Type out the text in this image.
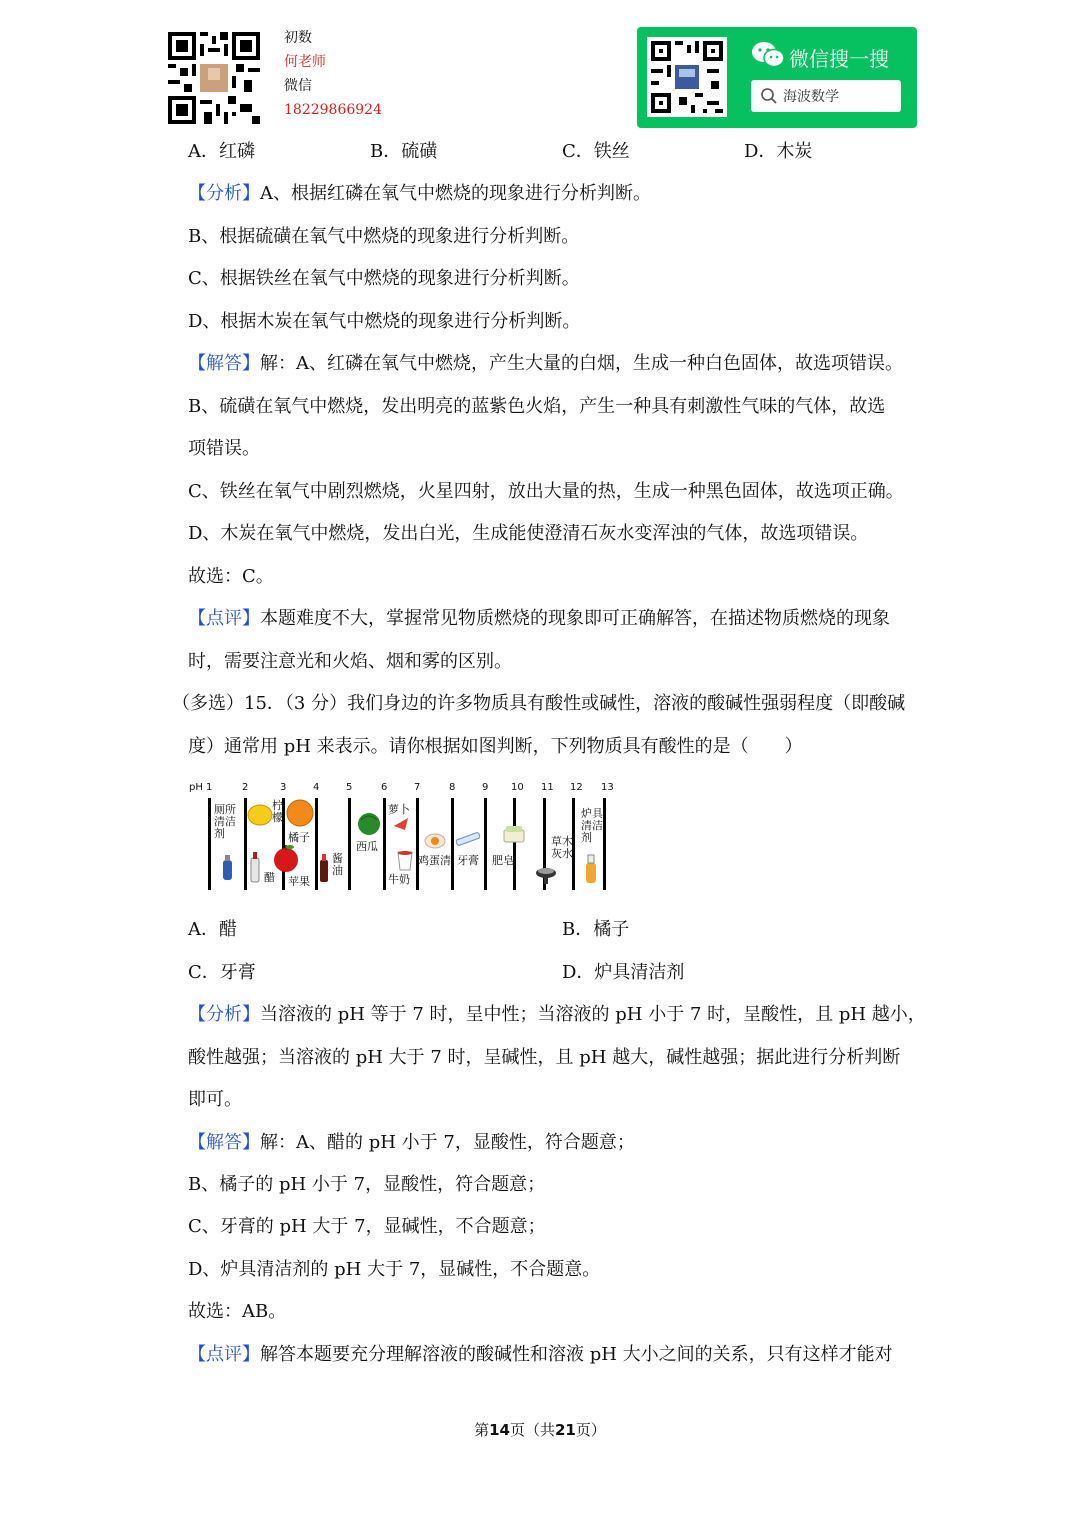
初数
何老师
微信
18229866924
微信搜一搜
海波数学
A．红磷	B．硫磺	C．铁丝	D．木炭
【分析】A、根据红磷在氧气中燃烧的现象进行分析判断。
B、根据硫磺在氧气中燃烧的现象进行分析判断。
C、根据铁丝在氧气中燃烧的现象进行分析判断。
D、根据木炭在氧气中燃烧的现象进行分析判断。
【解答】解：A、红磷在氧气中燃烧，产生大量的白烟，生成一种白色固体，故选项错误。
B、硫磺在氧气中燃烧，发出明亮的蓝紫色火焰，产生一种具有刺激性气味的气体，故选
项错误。
C、铁丝在氧气中剧烈燃烧，火星四射，放出大量的热，生成一种黑色固体，故选项正确。
D、木炭在氧气中燃烧，发出白光，生成能使澄清石灰水变浑浊的气体，故选项错误。
故选：C。
【点评】本题难度不大，掌握常见物质燃烧的现象即可正确解答，在描述物质燃烧的现象
时，需要注意光和火焰、烟和雾的区别。
（多选）15．（3 分）我们身边的许多物质具有酸性或碱性，溶液的酸碱性强弱程度（即酸碱
度）通常用 pH 来表示。请你根据如图判断，下列物质具有酸性的是（　　）
pH 1	2	3	4	5	6	7	8	9 10 11 12 13
厕所
清洁
剂
柠
檬
橘子
醋 苹果
酱
油
西瓜
萝卜
牛奶
鸡蛋清 牙膏 肥皂
草木
灰水
炉具
清洁
剂
A．醋	B．橘子
C．牙膏	D．炉具清洁剂
【分析】当溶液的 pH 等于 7 时，呈中性；当溶液的 pH 小于 7 时，呈酸性，且 pH 越小，
酸性越强；当溶液的 pH 大于 7 时，呈碱性，且 pH 越大，碱性越强；据此进行分析判断
即可。
【解答】解：A、醋的 pH 小于 7，显酸性，符合题意；
B、橘子的 pH 小于 7，显酸性，符合题意；
C、牙膏的 pH 大于 7，显碱性，不合题意；
D、炉具清洁剂的 pH 大于 7，显碱性，不合题意。
故选：AB。
【点评】解答本题要充分理解溶液的酸碱性和溶液 pH 大小之间的关系，只有这样才能对
第14页（共21页）
